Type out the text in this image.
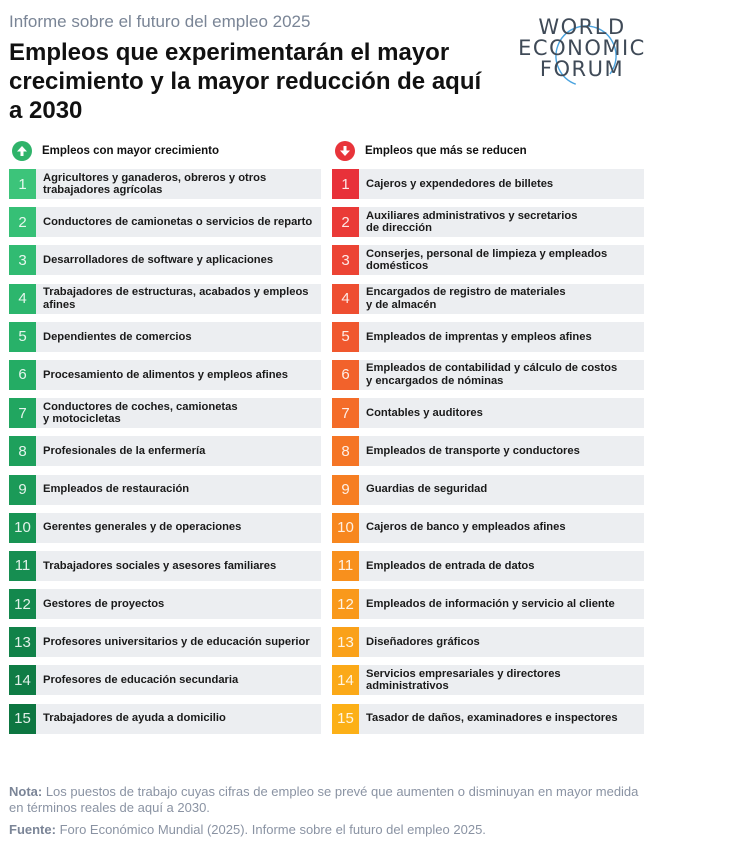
Informe sobre el futuro del empleo 2025
Empleos que experimentarán el mayor crecimiento y la mayor reducción de aquí a 2030
WORLD
ECONOMIC
FORUM
Empleos con mayor crecimiento
1	Agricultores y ganaderos, obreros y otros
trabajadores agrícolas
2	Conductores de camionetas o servicios de reparto
3	Desarrolladores de software y aplicaciones
4	Trabajadores de estructuras, acabados y empleos
afines
5	Dependientes de comercios
6	Procesamiento de alimentos y empleos afines
7	Conductores de coches, camionetas
y motocicletas
8	Profesionales de la enfermería
9	Empleados de restauración
10	Gerentes generales y de operaciones
11	Trabajadores sociales y asesores familiares
12	Gestores de proyectos
13	Profesores universitarios y de educación superior
14	Profesores de educación secundaria
15	Trabajadores de ayuda a domicilio
Empleos que más se reducen
1	Cajeros y expendedores de billetes
2	Auxiliares administrativos y secretarios
de dirección
3	Conserjes, personal de limpieza y empleados
domésticos
4	Encargados de registro de materiales
y de almacén
5	Empleados de imprentas y empleos afines
6	Empleados de contabilidad y cálculo de costos
y encargados de nóminas
7	Contables y auditores
8	Empleados de transporte y conductores
9	Guardias de seguridad
10	Cajeros de banco y empleados afines
11	Empleados de entrada de datos
12	Empleados de información y servicio al cliente
13	Diseñadores gráficos
14	Servicios empresariales y directores
administrativos
15	Tasador de daños, examinadores e inspectores
Nota: Los puestos de trabajo cuyas cifras de empleo se prevé que aumenten o disminuyan en mayor medida en términos reales de aquí a 2030.
Fuente: Foro Económico Mundial (2025). Informe sobre el futuro del empleo 2025.
